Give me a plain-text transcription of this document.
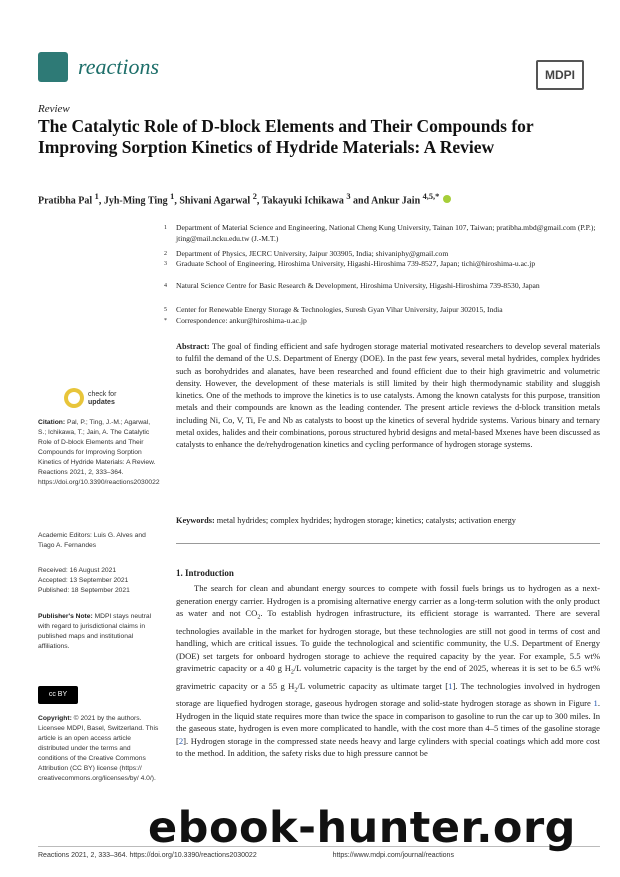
reactions	MDPI
Review
The Catalytic Role of D-block Elements and Their Compounds for Improving Sorption Kinetics of Hydride Materials: A Review
Pratibha Pal $^1$, Jyh-Ming Ting $^1$, Shivani Agarwal $^2$, Takayuki Ichikawa $^3$ and Ankur Jain $^{4,5,*}$
1 Department of Material Science and Engineering, National Cheng Kung University, Tainan 107, Taiwan; pratibha.mbd@gmail.com (P.P.); jting@mail.ncku.edu.tw (J.-M.T.)
2 Department of Physics, JECRC University, Jaipur 303905, India; shivaniphy@gmail.com
3 Graduate School of Engineering, Hiroshima University, Higashi-Hiroshima 739-8527, Japan; tichi@hiroshima-u.ac.jp
4 Natural Science Centre for Basic Research & Development, Hiroshima University, Higashi-Hiroshima 739-8530, Japan
5 Center for Renewable Energy Storage & Technologies, Suresh Gyan Vihar University, Jaipur 302015, India
* Correspondence: ankur@hiroshima-u.ac.jp
Abstract: The goal of finding efficient and safe hydrogen storage material motivated researchers to develop several materials to fulfil the demand of the U.S. Department of Energy (DOE). In the past few years, several metal hydrides, complex hydrides such as borohydrides and alanates, have been researched and found efficient due to their high gravimetric and volumetric density. However, the development of these materials is still limited by their high thermodynamic stability and sluggish kinetics. One of the methods to improve the kinetics is to use catalysts. Among the known catalysts for this purpose, transition metals and their compounds are known as the leading contender. The present article reviews the d-block transition metals including Ni, Co, V, Ti, Fe and Nb as catalysts to boost up the kinetics of several hydride systems. Various binary and ternary metal oxides, halides and their combinations, porous structured hybrid designs and metal-based Mxenes have been discussed as catalysts to enhance the de/rehydrogenation kinetics and cycling performance of hydrogen storage systems.
Keywords: metal hydrides; complex hydrides; hydrogen storage; kinetics; catalysts; activation energy
check for
updates
Citation: Pal, P.; Ting, J.-M.; Agarwal, S.; Ichikawa, T.; Jain, A. The Catalytic Role of D-block Elements and Their Compounds for Improving Sorption Kinetics of Hydride Materials: A Review. Reactions 2021, 2, 333–364. https://doi.org/10.3390/reactions2030022
Academic Editors: Luis G. Alves and Tiago A. Fernandes
Received: 16 August 2021
Accepted: 13 September 2021
Published: 18 September 2021
Publisher's Note: MDPI stays neutral with regard to jurisdictional claims in published maps and institutional affiliations.
cc BY
Copyright: © 2021 by the authors. Licensee MDPI, Basel, Switzerland. This article is an open access article distributed under the terms and conditions of the Creative Commons Attribution (CC BY) license (https:// creativecommons.org/licenses/by/ 4.0/).
1. Introduction
The search for clean and abundant energy sources to compete with fossil fuels brings us to hydrogen as a next-generation energy carrier. Hydrogen is a promising alternative energy carrier as a long-term solution with the only product as water and not $CO_2$. To establish hydrogen infrastructure, its efficient storage is warranted. There are several technologies available in the market for hydrogen storage, but these technologies are still not good in terms of cost and handling, which are critical issues. To guide the technological and scientific community, the U.S. Department of Energy (DOE) set targets for onboard hydrogen storage to achieve the required capacity by the year. For example, 5.5 wt% gravimetric capacity or a 40 g $H_2/L$ volumetric capacity is the target by the end of 2025, whereas it is set to be 6.5 wt% gravimetric capacity or a 55 g $H_2/L$ volumetric capacity as ultimate target [1]. The technologies involved in hydrogen storage are liquefied hydrogen storage, gaseous hydrogen storage and solid-state hydrogen storage as shown in Figure 1. Hydrogen in the liquid state requires more than twice the space in comparison to gasoline to run the car up to 300 miles. In the gaseous state, hydrogen is even more complicated to handle, with the cost more than 4–5 times of the gasoline storage [2]. Hydrogen storage in the compressed state needs heavy and large cylinders with special coatings which add more cost to the method. In addition, the safety risks due to high pressure cannot be
Reactions 2021, 2, 333–364. https://doi.org/10.3390/reactions2030022                                       https://www.mdpi.com/journal/reactions
ebook-hunter.org
